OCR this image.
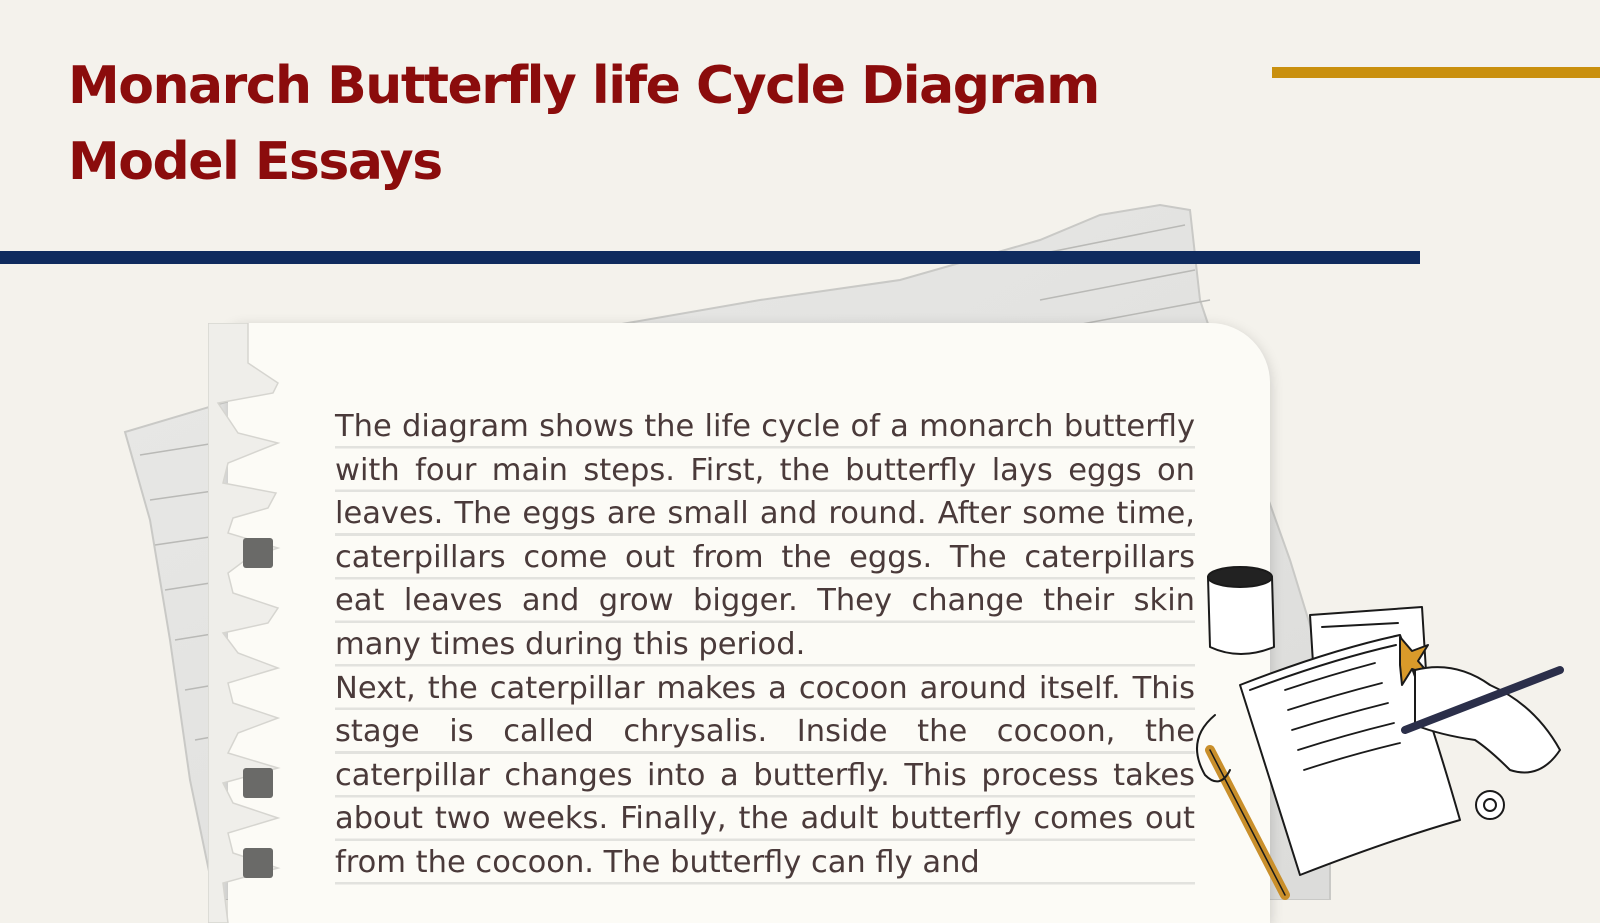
Monarch Butterfly life Cycle Diagram
Model Essays

The diagram shows the life cycle of a monarch butterfly with four main steps. First, the butterfly lays eggs on leaves. The eggs are small and round. After some time, caterpillars come out from the eggs. The caterpillars eat leaves and grow bigger. They change their skin many times during this period.

Next, the caterpillar makes a cocoon around itself. This stage is called chrysalis. Inside the cocoon, the caterpillar changes into a butterfly. This process takes about two weeks. Finally, the adult butterfly comes out from the cocoon. The butterfly can fly and
